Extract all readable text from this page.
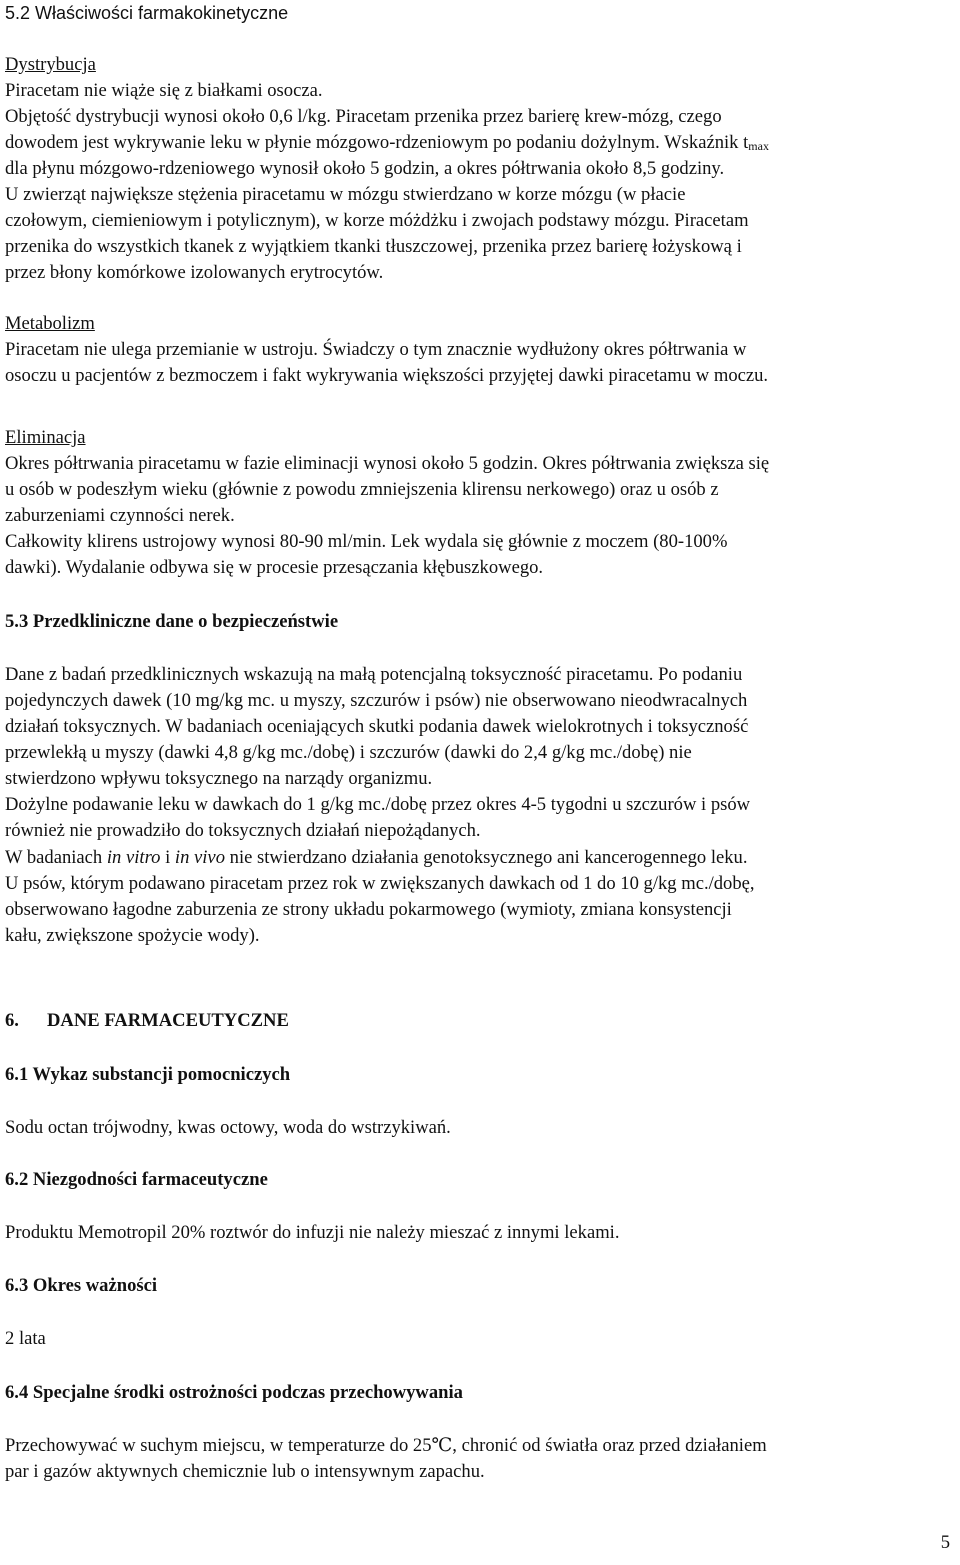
5.2 Właściwości farmakokinetyczne
Dystrybucja
Piracetam nie wiąże się z białkami osocza.
Objętość dystrybucji wynosi około 0,6 l/kg. Piracetam przenika przez barierę krew-mózg, czego
dowodem jest wykrywanie leku w płynie mózgowo-rdzeniowym po podaniu dożylnym. Wskaźnik $t_{max}$
dla płynu mózgowo-rdzeniowego wynosił około 5 godzin, a okres półtrwania około 8,5 godziny.
U zwierząt największe stężenia piracetamu w mózgu stwierdzano w korze mózgu (w płacie
czołowym, ciemieniowym i potylicznym), w korze móżdżku i zwojach podstawy mózgu. Piracetam
przenika do wszystkich tkanek z wyjątkiem tkanki tłuszczowej, przenika przez barierę łożyskową i
przez błony komórkowe izolowanych erytrocytów.
Metabolizm
Piracetam nie ulega przemianie w ustroju. Świadczy o tym znacznie wydłużony okres półtrwania w
osoczu u pacjentów z bezmoczem i fakt wykrywania większości przyjętej dawki piracetamu w moczu.
Eliminacja
Okres półtrwania piracetamu w fazie eliminacji wynosi około 5 godzin. Okres półtrwania zwiększa się
u osób w podeszłym wieku (głównie z powodu zmniejszenia klirensu nerkowego) oraz u osób z
zaburzeniami czynności nerek.
Całkowity klirens ustrojowy wynosi 80-90 ml/min. Lek wydala się głównie z moczem (80-100%
dawki). Wydalanie odbywa się w procesie przesączania kłębuszkowego.
5.3 Przedkliniczne dane o bezpieczeństwie
Dane z badań przedklinicznych wskazują na małą potencjalną toksyczność piracetamu. Po podaniu
pojedynczych dawek (10 mg/kg mc. u myszy, szczurów i psów) nie obserwowano nieodwracalnych
działań toksycznych. W badaniach oceniających skutki podania dawek wielokrotnych i toksyczność
przewlekłą u myszy (dawki 4,8 g/kg mc./dobę) i szczurów (dawki do 2,4 g/kg mc./dobę) nie
stwierdzono wpływu toksycznego na narządy organizmu.
Dożylne podawanie leku w dawkach do 1 g/kg mc./dobę przez okres 4-5 tygodni u szczurów i psów
również nie prowadziło do toksycznych działań niepożądanych.
W badaniach in vitro i in vivo nie stwierdzano działania genotoksycznego ani kancerogennego leku.
U psów, którym podawano piracetam przez rok w zwiększanych dawkach od 1 do 10 g/kg mc./dobę,
obserwowano łagodne zaburzenia ze strony układu pokarmowego (wymioty, zmiana konsystencji
kału, zwiększone spożycie wody).
6. DANE FARMACEUTYCZNE
6.1 Wykaz substancji pomocniczych
Sodu octan trójwodny, kwas octowy, woda do wstrzykiwań.
6.2 Niezgodności farmaceutyczne
Produktu Memotropil 20% roztwór do infuzji nie należy mieszać z innymi lekami.
6.3 Okres ważności
2 lata
6.4 Specjalne środki ostrożności podczas przechowywania
Przechowywać w suchym miejscu, w temperaturze do 25℃, chronić od światła oraz przed działaniem
par i gazów aktywnych chemicznie lub o intensywnym zapachu.
5
